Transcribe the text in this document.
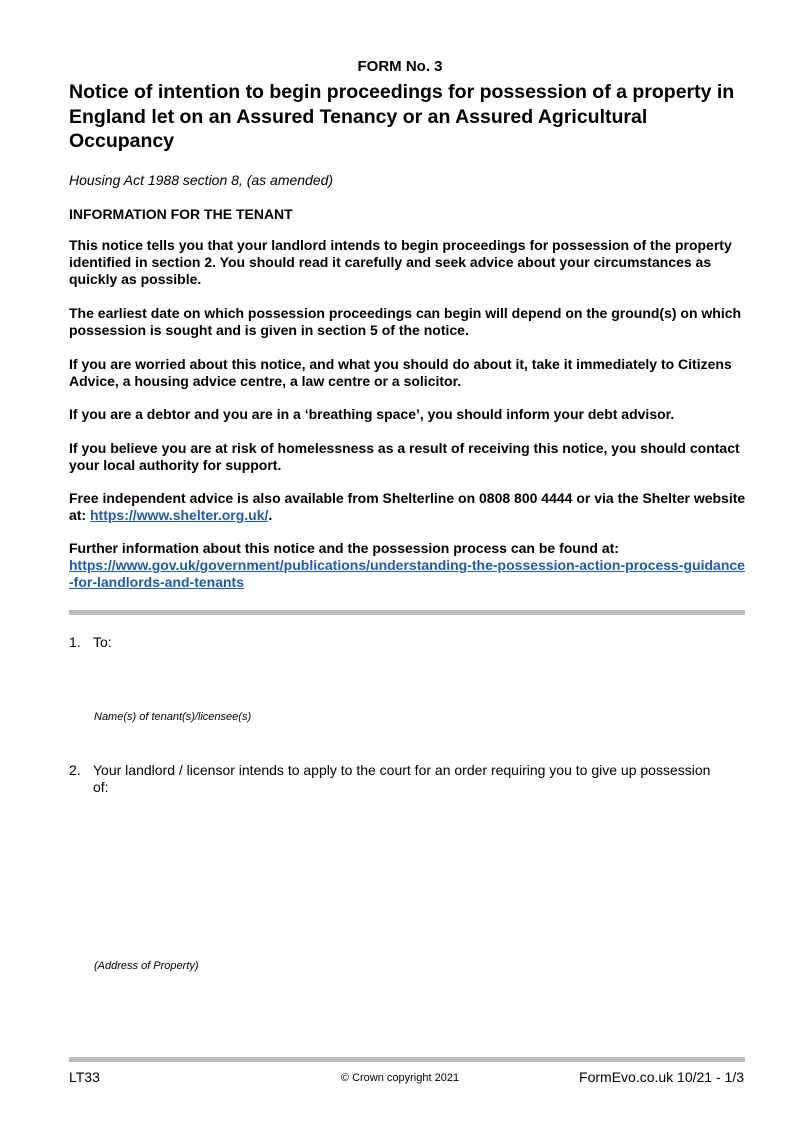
FORM No. 3
Notice of intention to begin proceedings for possession of a property in England let on an Assured Tenancy or an Assured Agricultural Occupancy
Housing Act 1988 section 8, (as amended)
INFORMATION FOR THE TENANT
This notice tells you that your landlord intends to begin proceedings for possession of the property identified in section 2. You should read it carefully and seek advice about your circumstances as quickly as possible.
The earliest date on which possession proceedings can begin will depend on the ground(s) on which possession is sought and is given in section 5 of the notice.
If you are worried about this notice, and what you should do about it, take it immediately to Citizens Advice, a housing advice centre, a law centre or a solicitor.
If you are a debtor and you are in a ‘breathing space’, you should inform your debt advisor.
If you believe you are at risk of homelessness as a result of receiving this notice, you should contact your local authority for support.
Free independent advice is also available from Shelterline on 0808 800 4444 or via the Shelter website at: https://www.shelter.org.uk/.
Further information about this notice and the possession process can be found at:
https://www.gov.uk/government/publications/understanding-the-possession-action-process-guidance-for-landlords-and-tenants
1. To:
Name(s) of tenant(s)/licensee(s)
2. Your landlord / licensor intends to apply to the court for an order requiring you to give up possession of:
(Address of Property)
LT33	© Crown copyright 2021	FormEvo.co.uk 10/21 - 1/3
